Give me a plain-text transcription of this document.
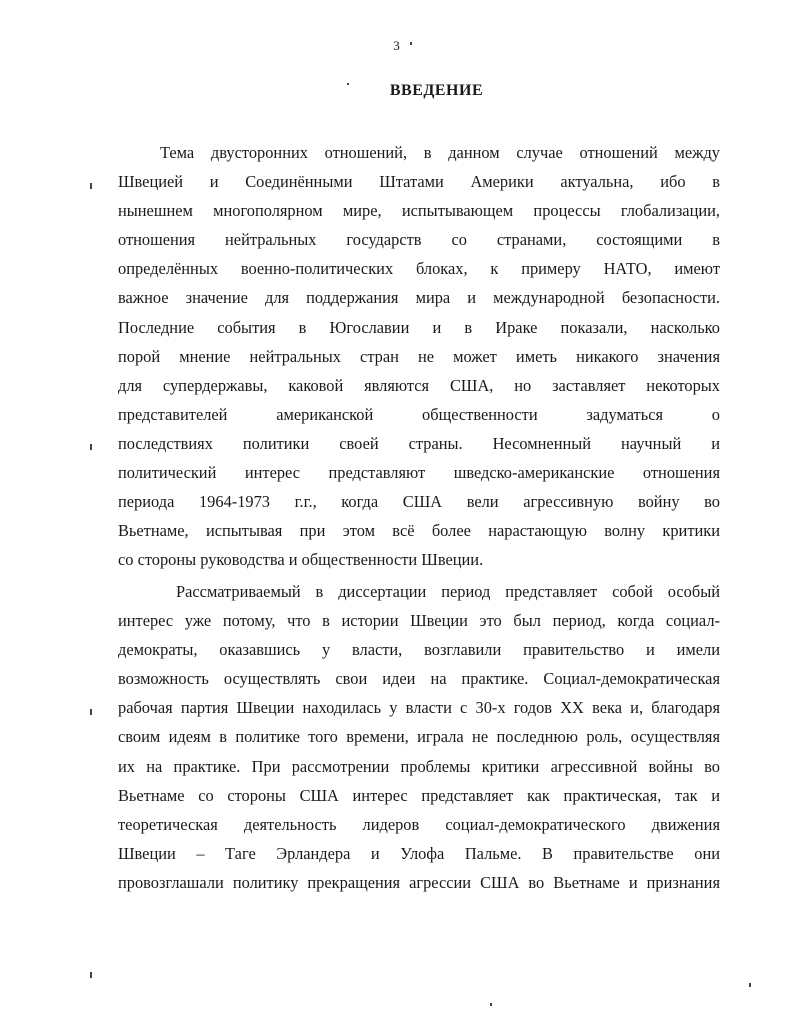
3
ВВЕДЕНИЕ
Тема двусторонних отношений, в данном случае отношений между
Швецией и Соединёнными Штатами Америки актуальна, ибо в
нынешнем многополярном мире, испытывающем процессы глобализации,
отношения нейтральных государств со странами, состоящими в
определённых военно-политических блоках, к примеру НАТО, имеют
важное значение для поддержания мира и международной безопасности.
Последние события в Югославии и в Ираке показали, насколько
порой мнение нейтральных стран не может иметь никакого значения
для супердержавы, каковой являются США, но заставляет некоторых
представителей американской общественности задуматься о
последствиях политики своей страны. Несомненный научный и
политический интерес представляют шведско-американские отношения
периода 1964-1973 г.г., когда США вели агрессивную войну во
Вьетнаме, испытывая при этом всё более нарастающую волну критики
со стороны руководства и общественности Швеции.
Рассматриваемый в диссертации период представляет собой особый
интерес уже потому, что в истории Швеции это был период, когда социал-
демократы, оказавшись у власти, возглавили правительство и имели
возможность осуществлять свои идеи на практике. Социал-демократическая
рабочая партия Швеции находилась у власти с 30-х годов XX века и, благодаря
своим идеям в политике того времени, играла не последнюю роль, осуществляя
их на практике. При рассмотрении проблемы критики агрессивной войны во
Вьетнаме со стороны США интерес представляет как практическая, так и
теоретическая деятельность лидеров социал-демократического движения
Швеции – Таге Эрландера и Улофа Пальме. В правительстве они
провозглашали политику прекращения агрессии США во Вьетнаме и признания
